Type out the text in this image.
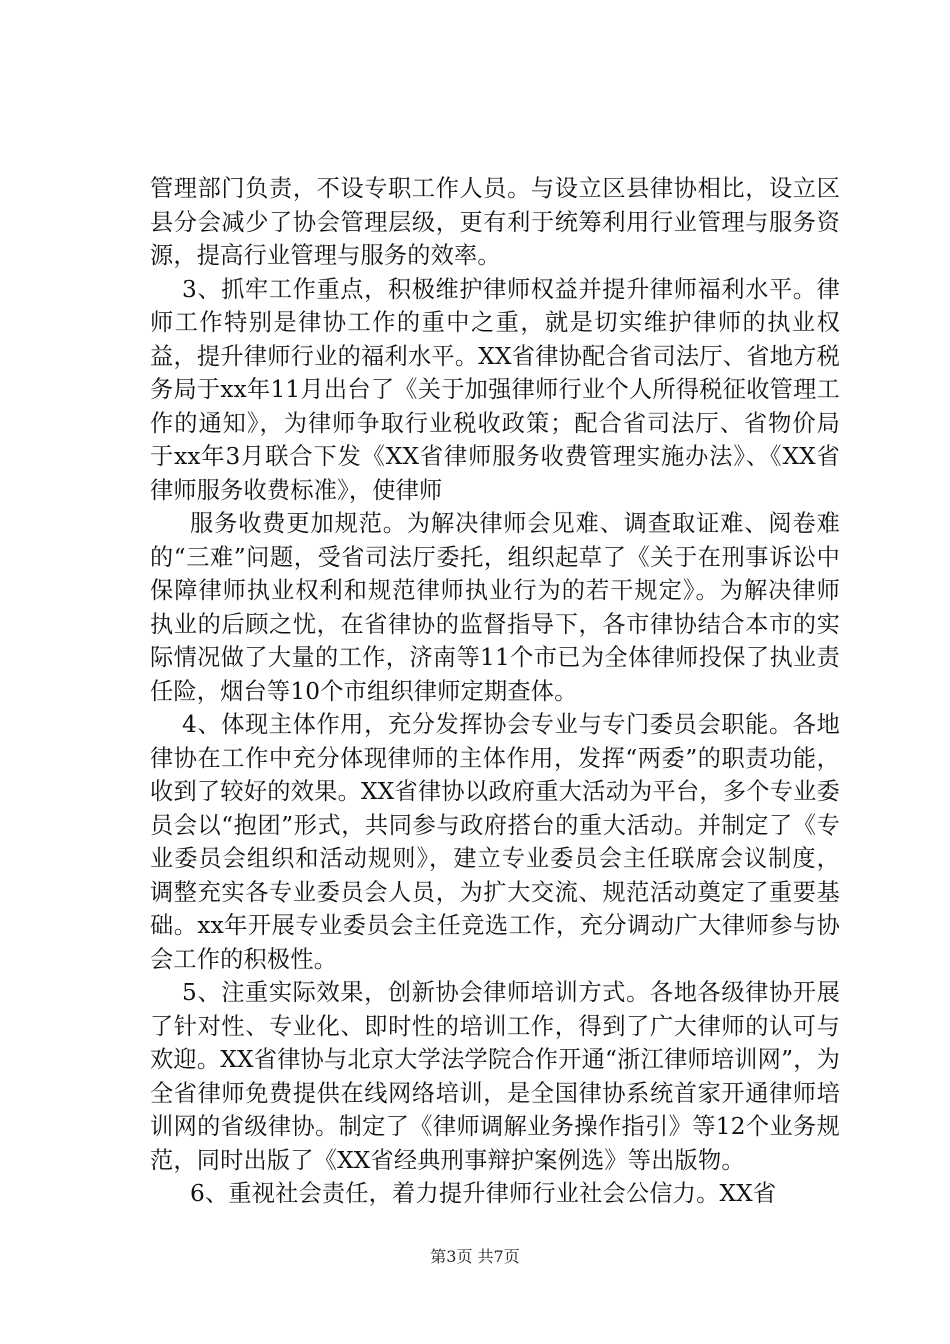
管理部门负责，不设专职工作人员。与设立区县律协相比，设立区县分会减少了协会管理层级，更有利于统筹利用行业管理与服务资源，提高行业管理与服务的效率。

3、抓牢工作重点，积极维护律师权益并提升律师福利水平。律师工作特别是律协工作的重中之重，就是切实维护律师的执业权益，提升律师行业的福利水平。XX省律协配合省司法厅、省地方税务局于xx年11月出台了《关于加强律师行业个人所得税征收管理工作的通知》，为律师争取行业税收政策；配合省司法厅、省物价局于xx年3月联合下发《XX省律师服务收费管理实施办法》、《XX省律师服务收费标准》，使律师

服务收费更加规范。为解决律师会见难、调查取证难、阅卷难的“三难”问题，受省司法厅委托，组织起草了《关于在刑事诉讼中保障律师执业权利和规范律师执业行为的若干规定》。为解决律师执业的后顾之忧，在省律协的监督指导下，各市律协结合本市的实际情况做了大量的工作，济南等11个市已为全体律师投保了执业责任险，烟台等10个市组织律师定期查体。

4、体现主体作用，充分发挥协会专业与专门委员会职能。各地律协在工作中充分体现律师的主体作用，发挥“两委”的职责功能，收到了较好的效果。XX省律协以政府重大活动为平台，多个专业委员会以“抱团”形式，共同参与政府搭台的重大活动。并制定了《专业委员会组织和活动规则》，建立专业委员会主任联席会议制度，调整充实各专业委员会人员，为扩大交流、规范活动奠定了重要基础。xx年开展专业委员会主任竞选工作，充分调动广大律师参与协会工作的积极性。

5、注重实际效果，创新协会律师培训方式。各地各级律协开展了针对性、专业化、即时性的培训工作，得到了广大律师的认可与欢迎。XX省律协与北京大学法学院合作开通“浙江律师培训网”，为全省律师免费提供在线网络培训，是全国律协系统首家开通律师培训网的省级律协。制定了《律师调解业务操作指引》等12个业务规范，同时出版了《XX省经典刑事辩护案例选》等出版物。

6、重视社会责任，着力提升律师行业社会公信力。XX省

第3页 共7页
